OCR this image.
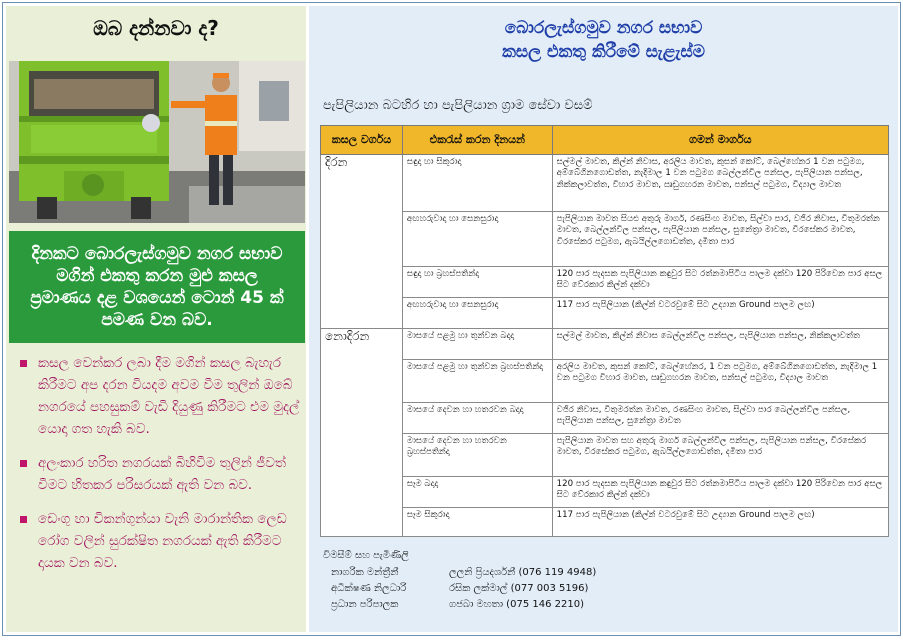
ඔබ දන්නවා ද?
දිනකට බොරලැස්ගමුව නගර සභාව මගින් එකතු කරන මුළු කසල ප්‍රමාණය දළ වශයෙන් ටොන් 45 ක් පමණ වන බව.
කසල වෙන්කර ලබා දීම මගින් කසල බැහැර කිරීමට අප දරන වියදම අවම වීම තුලින් ඔබේ නගරයේ පහසුකම් වැඩි දියුණු කිරීමට එම මුදල් යොදා ගත හැකි බව.
අලංකාර හරිත නගරයක් බිහිවීම තුලින් ජීවත් වීමට හිතකර පරිසරයක් ඇති වන බව.
ඩෙංගු හා චිකන්ගුන්යා වැනි මාරාන්තික ලෙඩ රෝග වලින් සුරක්ෂිත නගරයක් ඇති කිරීමට දායක වන බව.
බොරලැස්ගමුව නගර සභාව
කසල එකතු කිරීමේ සැළැස්ම
පැපිලියාන බටහිර හා පැපිලියාන ග්‍රාම සේවා වසම්
කසල වර්ගය	එකරැස් කරන දිනයන්	ගමන් මාර්ගය
දිරන	සඳුදා හා සිකුරාදා	සල්මල් මාවත, කිල්න් නිවාස, අරලිය මාවත, කුසන් කෝට්, බෙල්හේනර 1 වන පටුමග, අම්බේගිනගොඩත්ත, නැදිමාල 1 වන පටුමග බෙල්ලන්විල පන්සල, පැපිලියාන පන්සල, නික්කලාවත්ත, විහාර මාවත, ඍඩුගහරන මාවත, පන්සල් පටුමග, විද්‍යාල මාවත
	අඟහරුවාදා හා සෙනසුරාදා	පැපිලියාන මාවත සියළු අතුරු මාර්ග, රණසිංහ මාවත, සිල්වා පාර, වජිර නිවාස, විතුමරත්න මාවත, බෙල්ලන්විල පන්සල, පැපිලියාන පන්සල, සුනේත්‍රා මාවත, වීරසේකර මාවත, වීරසේකර පටුමග, ඇබයිල්ලගොඩත්ත, දමිතා පාර
	සඳුදා හා බ්‍රහස්පතින්දා	120 පාර පැදසක පැපිලියාන කඳුවුර සිට රත්නමාපිටිය පාලම දක්වා 120 පිරිවෙන පාර අසල සිට වේරකාර කිල්න් දක්වා
	අඟහරුවාදා හා සෙනසුරාදා	117 පාර පැපිලියාන (කිල්න් වටරවුමේ සිට උද්‍යාන Ground පාලම ලඟ)
නොදිරන	මාසයේ පළමු හා තුන්වන බදාදා	සල්මල් මාවත, කිල්න් නිවාස බෙල්ලන්විල පන්සල, පැපිලියාන පන්සල, නික්කලාවත්ත
	මාසයේ පළමු හා තුන්වන බ්‍රහස්පතින්දා	අරලිය මාවත, කුසන් කෝට්, බෙල්හේනර, 1 වන පටුමග, අම්බේගිනගොඩත්ත, නැදිමාල 1 වන පටුමග විහාර මාවත, ඍඩුගහරන මාවත, පන්සල් පටුමග, විද්‍යාල මාවත
	මාසයේ දෙවන හා හතරවන බදාදා	වජිර නිවාස, විතුමරත්න මාවත, රණසිංහ මාවත, සිල්වා පාර බෙල්ලන්විල පන්සල, පැපිලියාන පන්සල, සුනේත්‍රා මාවත
	මාසයේ දෙවන හා හතරවන බ්‍රහස්පතින්දා	පැපිලියාන මාවත සහ අතුරු මාර්ග බෙල්ලන්විල පන්සල, පැපිලියාන පන්සල, වීරසේකර මාවත, වීරසේකර පටුමග, ඇබයිල්ලගොඩත්ත, දමිතා පාර
	සෑම බදාදා	120 පාර පැදසක පැපිලියාන කඳුවුර සිට රත්නමාපිටිය පාලම දක්වා 120 පිරිවෙන පාර අසල සිට වේරකාර කිල්න් දක්වා
	සෑම සිකුරාදා	117 පාර පැපිලියාන (කිල්න් වටරවුමේ සිට උද්‍යාන Ground පාලම ලඟ)
විමසීම් සහ පැමිණිලි
නාගරික මන්ත්‍රීනී	ලලනි ප්‍රියදර්ශනී (076 119 4948)
අධීක්ෂණ නිලධාරි	රසික ලක්මාල් (077 003 5196)
ප්‍රධාන පරිපාලක	ගජබා මහතා (075 146 2210)
